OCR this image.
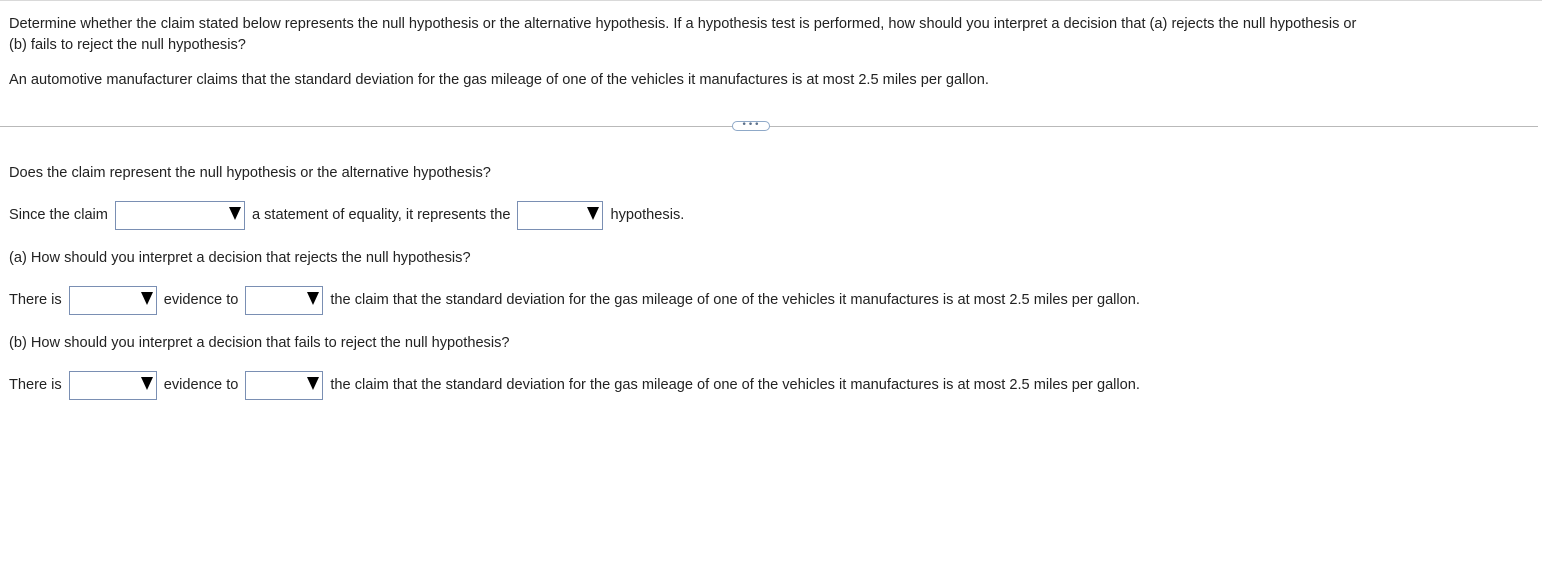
Determine whether the claim stated below represents the null hypothesis or the alternative hypothesis. If a hypothesis test is performed, how should you interpret a decision that (a) rejects the null hypothesis or
(b) fails to reject the null hypothesis?
An automotive manufacturer claims that the standard deviation for the gas mileage of one of the vehicles it manufactures is at most 2.5 miles per gallon.
•••
Does the claim represent the null hypothesis or the alternative hypothesis?
Since the claim	a statement of equality, it represents the	hypothesis.
(a) How should you interpret a decision that rejects the null hypothesis?
There is	evidence to	the claim that the standard deviation for the gas mileage of one of the vehicles it manufactures is at most 2.5 miles per gallon.
(b) How should you interpret a decision that fails to reject the null hypothesis?
There is	evidence to	the claim that the standard deviation for the gas mileage of one of the vehicles it manufactures is at most 2.5 miles per gallon.
